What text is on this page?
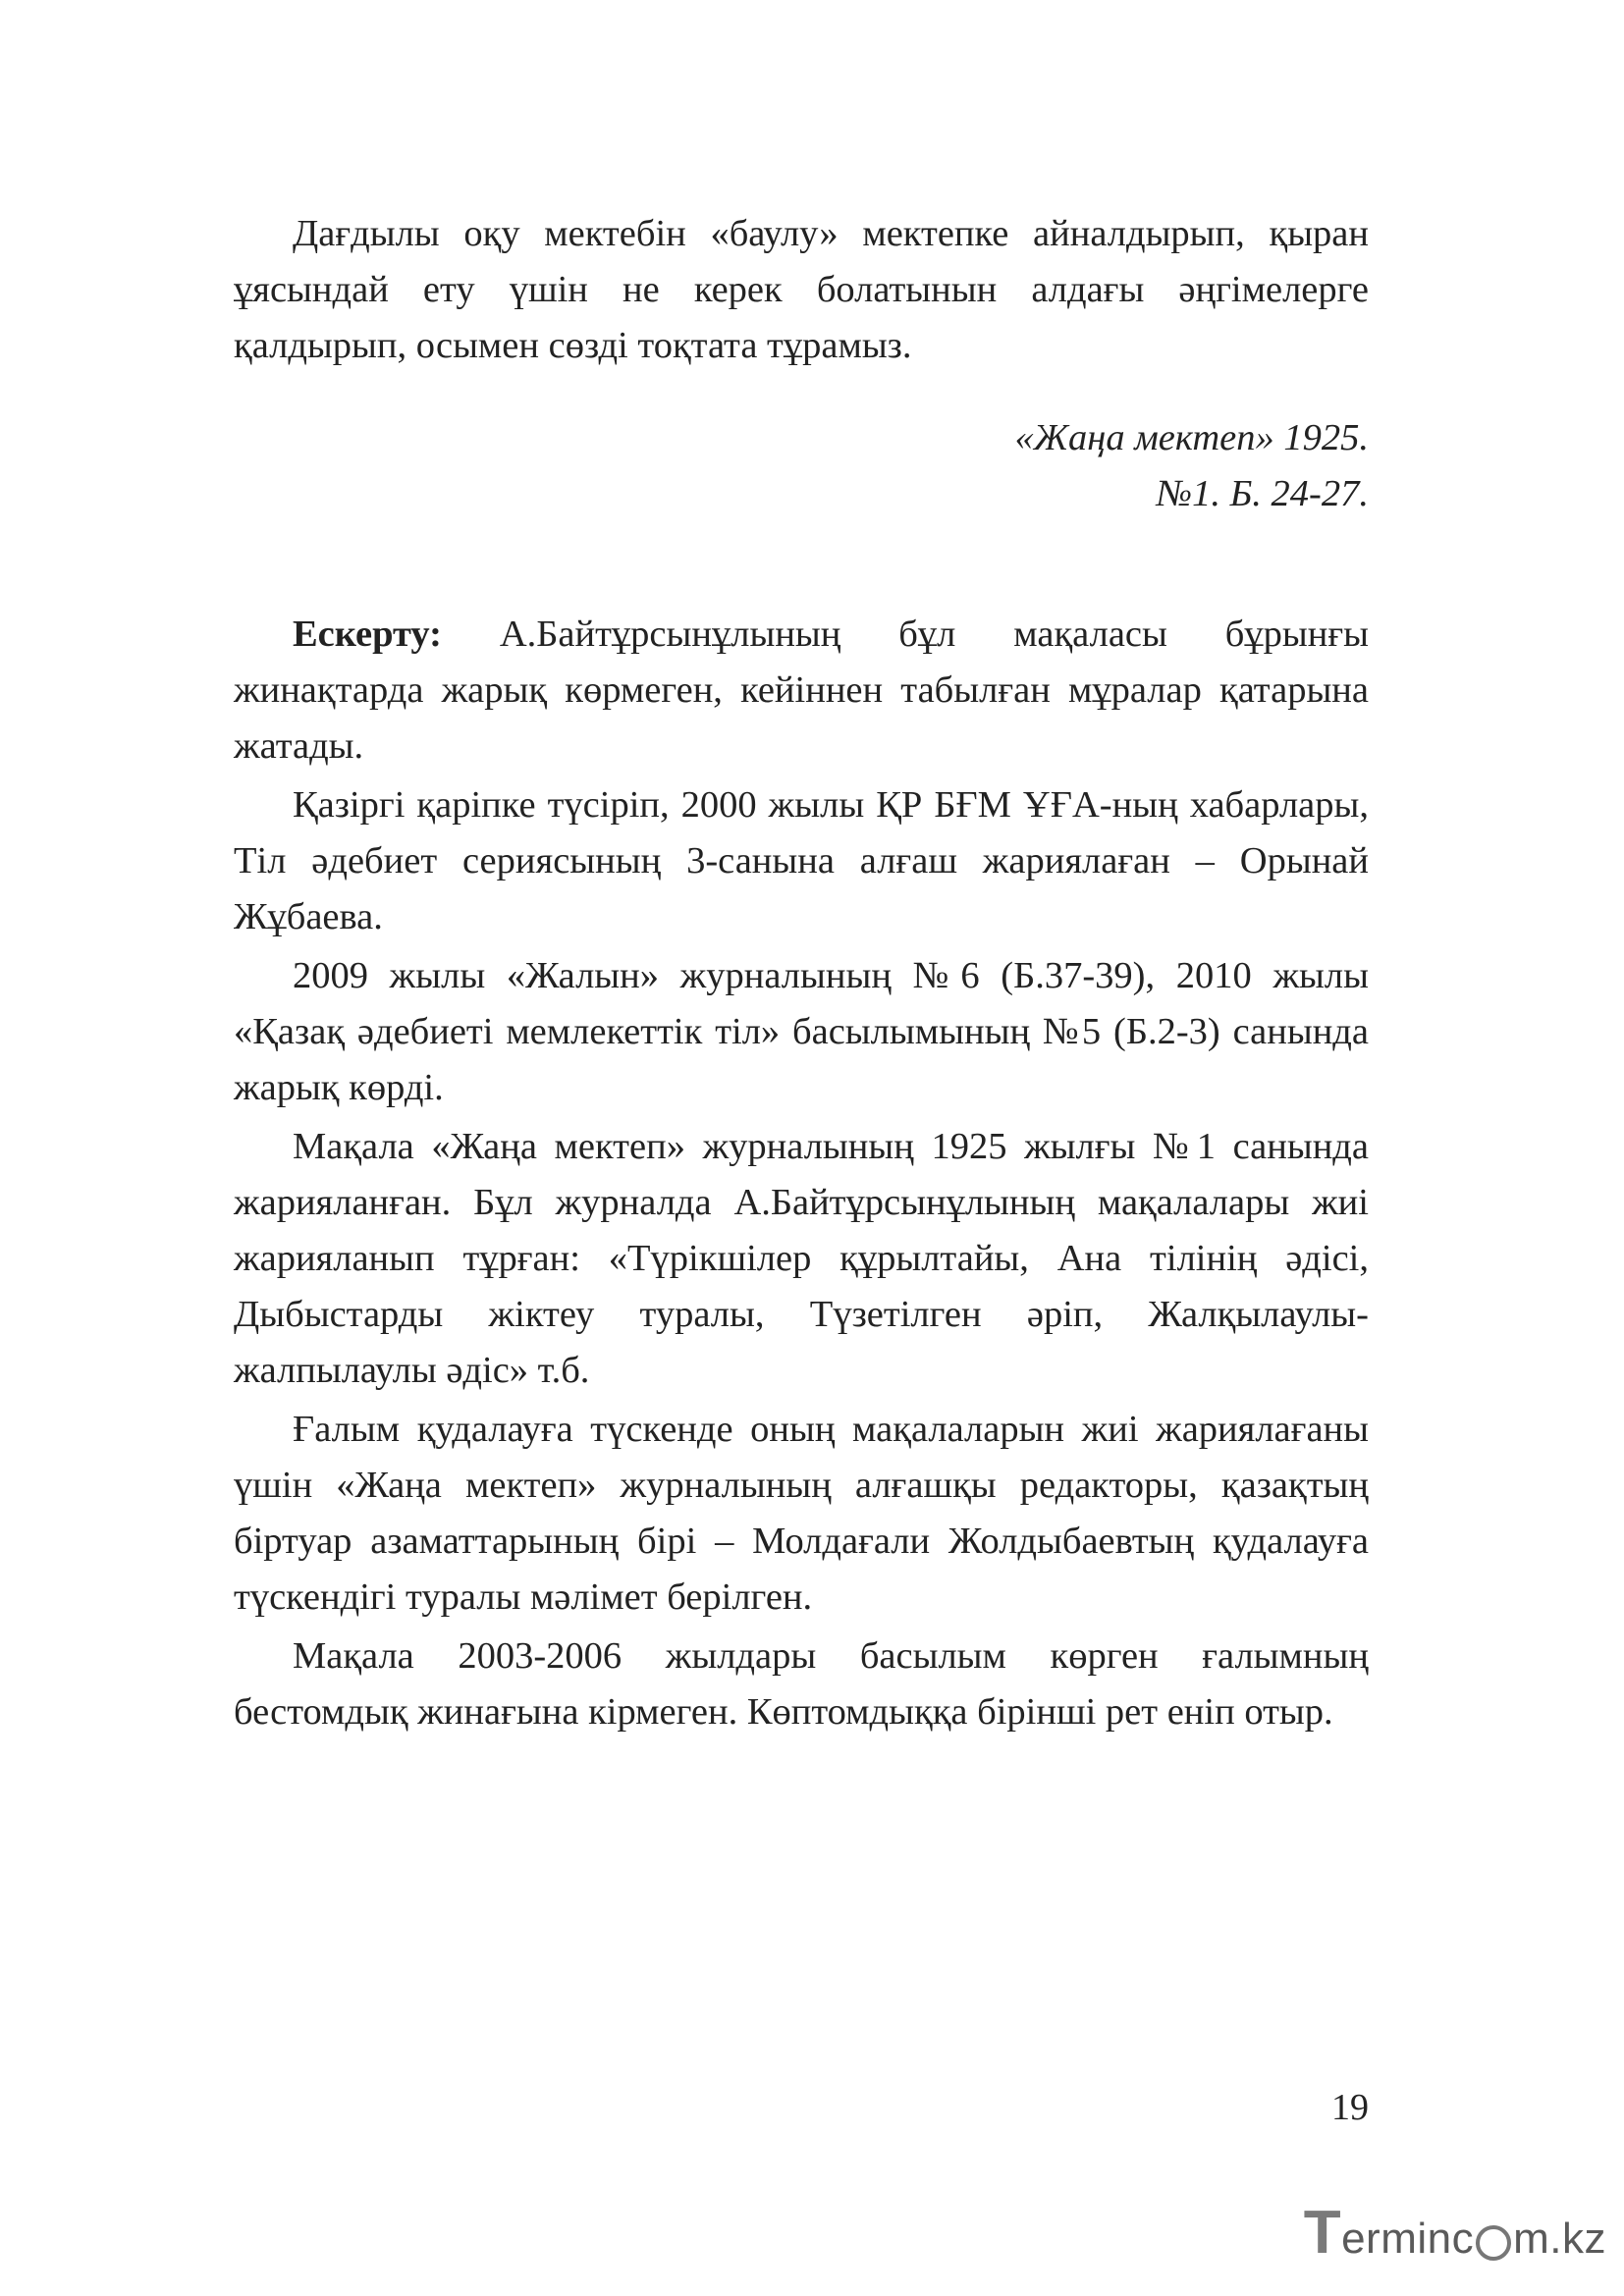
Дағдылы оқу мектебін «баулу» мектепке айналдырып, қыран ұясындай ету үшін не керек болатынын алдағы әңгімелерге қалдырып, осымен сөзді тоқтата тұрамыз.

«Жаңа мектеп» 1925.
№1. Б. 24-27.

Ескерту: А.Байтұрсынұлының бұл мақаласы бұрынғы жинақтарда жарық көрмеген, кейіннен табылған мұралар қатарына жатады.

Қазіргі қаріпке түсіріп, 2000 жылы ҚР БҒМ ҰҒА-ның хабарлары, Тіл әдебиет сериясының 3-санына алғаш жариялаған – Орынай Жұбаева.

2009 жылы «Жалын» журналының №6 (Б.37-39), 2010 жылы «Қазақ әдебиеті мемлекеттік тіл» басылымының №5 (Б.2-3) санында жарық көрді.

Мақала «Жаңа мектеп» журналының 1925 жылғы №1 санында жарияланған. Бұл журналда А.Байтұрсынұлының мақалалары жиі жарияланып тұрған: «Түрікшілер құрылтайы, Ана тілінің әдісі, Дыбыстарды жіктеу туралы, Түзетілген әріп, Жалқылаулы-жалпылаулы әдіс» т.б.

Ғалым қудалауға түскенде оның мақалаларын жиі жариялағаны үшін «Жаңа мектеп» журналының алғашқы редакторы, қазақтың біртуар азаматтарының бірі – Молдағали Жолдыбаевтың қудалауға түскендігі туралы мәлімет берілген.

Мақала 2003-2006 жылдары басылым көрген ғалымның бестомдық жинағына кірмеген. Көптомдыққа бірінші рет еніп отыр.

19
T erminc m.kz
